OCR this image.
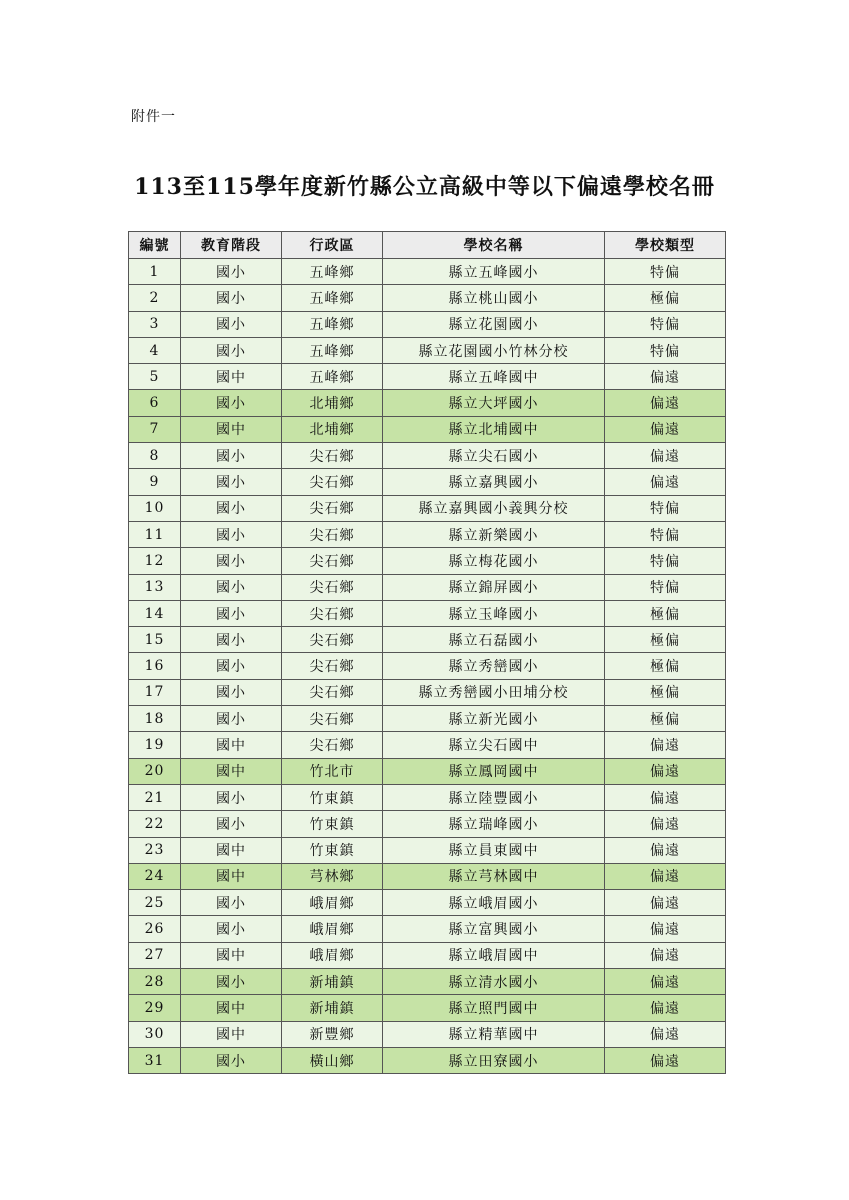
附件一
113至115學年度新竹縣公立高級中等以下偏遠學校名冊
編號	教育階段	行政區	學校名稱	學校類型
1	國小	五峰鄉	縣立五峰國小	特偏
2	國小	五峰鄉	縣立桃山國小	極偏
3	國小	五峰鄉	縣立花園國小	特偏
4	國小	五峰鄉	縣立花園國小竹林分校	特偏
5	國中	五峰鄉	縣立五峰國中	偏遠
6	國小	北埔鄉	縣立大坪國小	偏遠
7	國中	北埔鄉	縣立北埔國中	偏遠
8	國小	尖石鄉	縣立尖石國小	偏遠
9	國小	尖石鄉	縣立嘉興國小	偏遠
10	國小	尖石鄉	縣立嘉興國小義興分校	特偏
11	國小	尖石鄉	縣立新樂國小	特偏
12	國小	尖石鄉	縣立梅花國小	特偏
13	國小	尖石鄉	縣立錦屏國小	特偏
14	國小	尖石鄉	縣立玉峰國小	極偏
15	國小	尖石鄉	縣立石磊國小	極偏
16	國小	尖石鄉	縣立秀巒國小	極偏
17	國小	尖石鄉	縣立秀巒國小田埔分校	極偏
18	國小	尖石鄉	縣立新光國小	極偏
19	國中	尖石鄉	縣立尖石國中	偏遠
20	國中	竹北市	縣立鳳岡國中	偏遠
21	國小	竹東鎮	縣立陸豐國小	偏遠
22	國小	竹東鎮	縣立瑞峰國小	偏遠
23	國中	竹東鎮	縣立員東國中	偏遠
24	國中	芎林鄉	縣立芎林國中	偏遠
25	國小	峨眉鄉	縣立峨眉國小	偏遠
26	國小	峨眉鄉	縣立富興國小	偏遠
27	國中	峨眉鄉	縣立峨眉國中	偏遠
28	國小	新埔鎮	縣立清水國小	偏遠
29	國中	新埔鎮	縣立照門國中	偏遠
30	國中	新豐鄉	縣立精華國中	偏遠
31	國小	橫山鄉	縣立田寮國小	偏遠
